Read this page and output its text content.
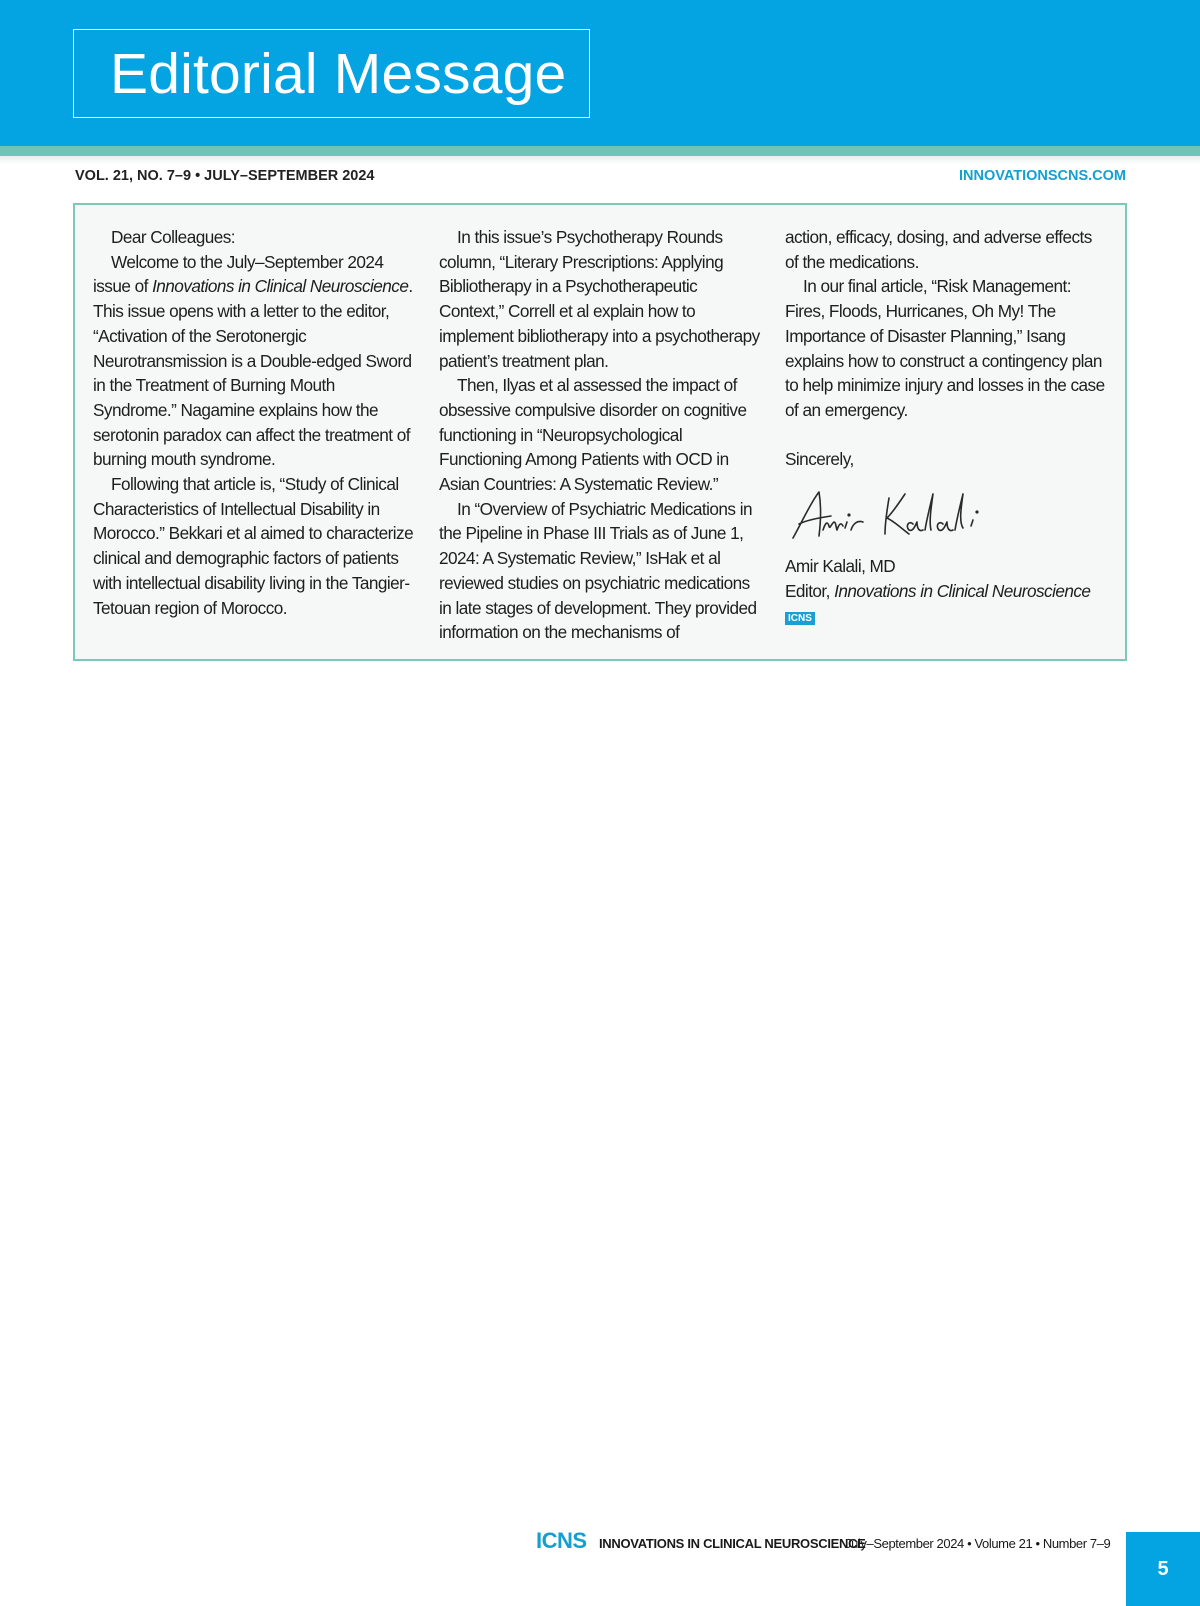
Editorial Message
VOL. 21, NO. 7–9 • JULY–SEPTEMBER 2024	INNOVATIONSCNS.COM

Dear Colleagues:

Welcome to the July–September 2024 issue of Innovations in Clinical Neuroscience. This issue opens with a letter to the editor, “Activation of the Serotonergic Neurotransmission is a Double-edged Sword in the Treatment of Burning Mouth Syndrome.” Nagamine explains how the serotonin paradox can affect the treatment of burning mouth syndrome.

Following that article is, “Study of Clinical Characteristics of Intellectual Disability in Morocco.” Bekkari et al aimed to characterize clinical and demographic factors of patients with intellectual disability living in the Tangier-Tetouan region of Morocco.

In this issue’s Psychotherapy Rounds column, “Literary Prescriptions: Applying Bibliotherapy in a Psychotherapeutic Context,” Correll et al explain how to implement bibliotherapy into a psychotherapy patient’s treatment plan.

Then, Ilyas et al assessed the impact of obsessive compulsive disorder on cognitive functioning in “Neuropsychological Functioning Among Patients with OCD in Asian Countries: A Systematic Review.”

In “Overview of Psychiatric Medications in the Pipeline in Phase III Trials as of June 1, 2024: A Systematic Review,” IsHak et al reviewed studies on psychiatric medications in late stages of development. They provided information on the mechanisms of

action, efficacy, dosing, and adverse effects of the medications.

In our final article, “Risk Management: Fires, Floods, Hurricanes, Oh My! The Importance of Disaster Planning,” Isang explains how to construct a contingency plan to help minimize injury and losses in the case of an emergency.

Sincerely,

Amir Kalali, MD

Editor, Innovations in Clinical Neuroscience

ICNS
ICNS INNOVATIONS IN CLINICAL NEUROSCIENCE
July–September 2024 • Volume 21 • Number 7–9
5
